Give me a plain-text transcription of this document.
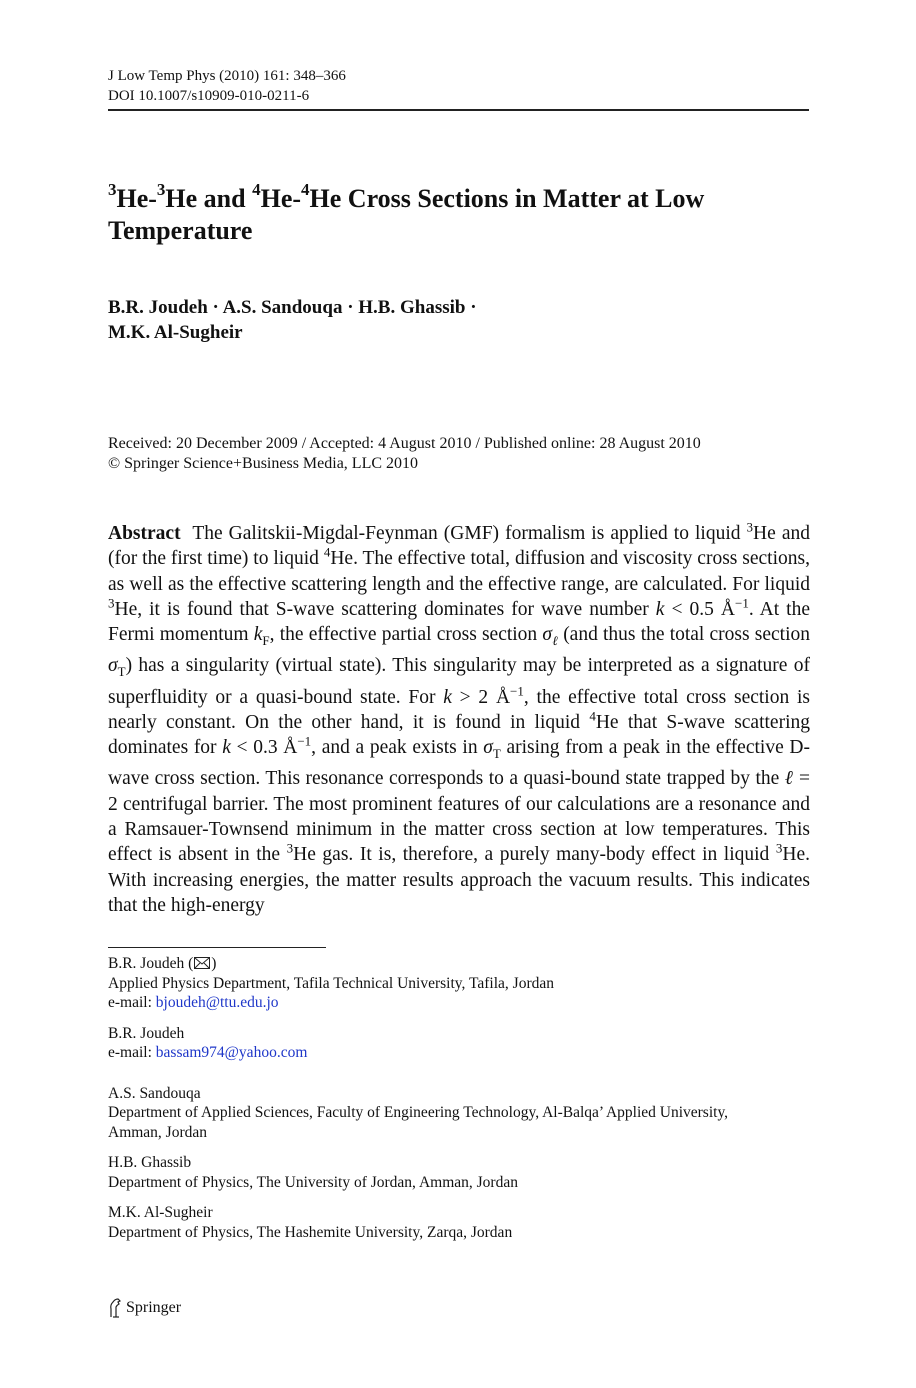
J Low Temp Phys (2010) 161: 348–366
DOI 10.1007/s10909-010-0211-6
$^3$He-$^3$He and $^4$He-$^4$He Cross Sections in Matter at Low
Temperature
B.R. Joudeh · A.S. Sandouqa · H.B. Ghassib ·
M.K. Al-Sugheir
Received: 20 December 2009 / Accepted: 4 August 2010 / Published online: 28 August 2010
© Springer Science+Business Media, LLC 2010

Abstract  The Galitskii-Migdal-Feynman (GMF) formalism is applied to liquid $^3$He and (for the first time) to liquid $^4$He. The effective total, diffusion and viscosity cross sections, as well as the effective scattering length and the effective range, are calculated. For liquid $^3$He, it is found that S-wave scattering dominates for wave number k < 0.5 $Å^{-1}$. At the Fermi momentum $k_F$, the effective partial cross section $\sigma_\ell$ (and thus the total cross section $\sigma_T$) has a singularity (virtual state). This singularity may be interpreted as a signature of superfluidity or a quasi-bound state. For k > 2 $Å^{-1}$, the effective total cross section is nearly constant. On the other hand, it is found in liquid $^4$He that S-wave scattering dominates for k < 0.3 $Å^{-1}$, and a peak exists in $\sigma_T$ arising from a peak in the effective D-wave cross section. This resonance corresponds to a quasi-bound state trapped by the ℓ = 2 centrifugal barrier. The most prominent features of our calculations are a resonance and a Ramsauer-Townsend minimum in the matter cross section at low temperatures. This effect is absent in the $^3$He gas. It is, therefore, a purely many-body effect in liquid $^3$He. With increasing energies, the matter results approach the vacuum results. This indicates that the high-energy

B.R. Joudeh ( )
Applied Physics Department, Tafila Technical University, Tafila, Jordan
e-mail: bjoudeh@ttu.edu.jo
B.R. Joudeh
e-mail: bassam974@yahoo.com
A.S. Sandouqa
Department of Applied Sciences, Faculty of Engineering Technology, Al-Balqa’ Applied University,
Amman, Jordan
H.B. Ghassib
Department of Physics, The University of Jordan, Amman, Jordan
M.K. Al-Sugheir
Department of Physics, The Hashemite University, Zarqa, Jordan
Springer
